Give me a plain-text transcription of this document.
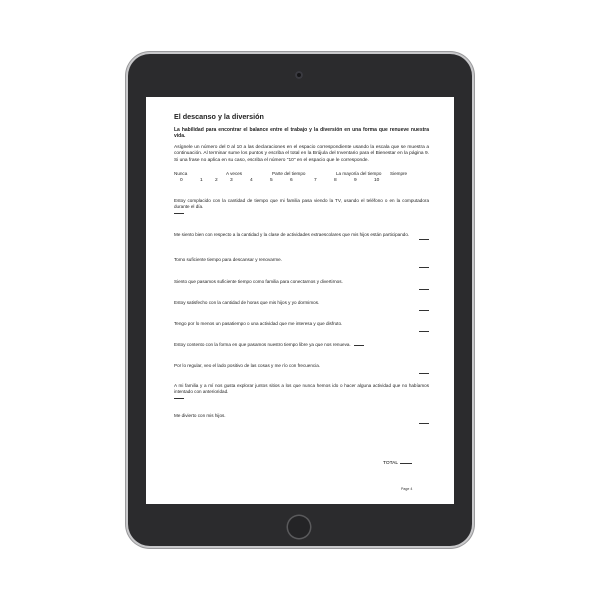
El descanso y la diversión
La habilidad para encontrar el balance entre el trabajo y la diversión en una forma que renueve nuestra vida.
Asígnele un número del 0 al 10 a las declaraciones en el espacio correspondiente usando la escala que se muestra a continuación. Al terminar sume los puntos y escriba el total en la Brújula del Inventario para el Bienestar en la página 9. Si una frase no aplica en su caso, escriba el número "10" en el espacio que le corresponde.
Nunca	A veces	Parte del tiempo	La mayoría del tiempo Siempre
0	1	2	3	4	5	6	7	8	9	10

Estoy complacido con la cantidad de tiempo que mi familia pasa viendo la TV, usando el teléfono o en la computadora durante el día.

Me siento bien con respecto a la cantidad y la clase de actividades extraescolares que mis hijos están participando.

Tomo suficiente tiempo para descansar y renovarme.

Siento que pasamos suficiente tiempo como familia para conectarnos y divertirnos.

Estoy satisfecho con la cantidad de horas que mis hijos y yo dormimos.

Tengo por lo menos un pasatiempo o una actividad que me interesa y que disfruto.

Estoy contento con la forma en que pasamos nuestro tiempo libre ya que nos renueva.

Por lo regular, veo el lado positivo de las cosas y me río con frecuencia.

A mi familia y a mí nos gusta explorar juntos sitios a los que nunca hemos ido o hacer alguna actividad que no habíamos intentado con anterioridad.

Me divierto con mis hijos.

TOTAL
Page 4
